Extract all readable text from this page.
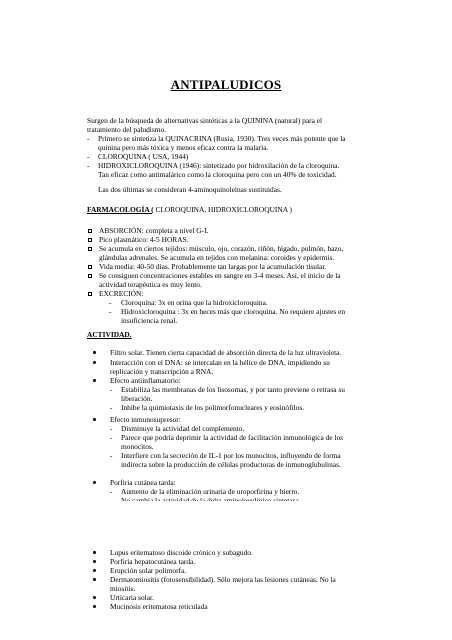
ANTIPALUDICOS
Surgen de la búsqueda de alternativas sintéticas a la QUININA (natural) para el
tratamiento del paludismo.
- Primero se sintetiza la QUINACRINA (Rusia, 1930). Tres veces más potente que la
quinina pero más tóxica y menos eficaz contra la malaria.
- CLOROQUINA ( USA, 1944)
- HIDROXICLOROQUINA (1946): sintetizado por hidroxilación de la cloroquina.
Tan eficaz como antimalárico como la cloroquina pero con un 40% de toxicidad.
Las dos últimas se consideran 4-aminoquinoleinas sustituidas.
FARMACOLOGÍA ( CLOROQUINA, HIDROXICLOROQUINA )
ABSORCIÓN: completa a nivel G-I.
Pico plasmático: 4-5 HORAS.
Se acumula en ciertos tejidos: músculo, ojo, corazón, riñón, hígado, pulmón, bazo,
glándulas adrenales. Se acumula en tejidos con melanina: coroides y epidermis.
Vida media: 40-50 días. Probablemente tan largas por la acumulación tisular.
Se consiguen concentraciones estables en sangre en 3-4 meses. Así, el inicio de la
actividad terapéutica es muy lento.
EXCRECIÓN:
- Cloroquina: 3x en orina que la hidroxicloroquina.
- Hidroxicloroquina : 3x en heces más que cloroquina. No requiere ajustes en
insuficiencia renal.
ACTIVIDAD.
Filtro solar. Tienen cierta capacidad de absorción directa de la luz ultravioleta.
Interacción con el DNA: se intercalan en la hélice de DNA, impidiendo su
replicación y transcripción a RNA.
Efecto antiinflamatorio:
- Estabiliza las membranas de los lisosomas, y por tanto previene o retrasa su
liberación.
- Inhibe la quimiotaxis de los polimorfonucleares y eosinófilos.
Efecto inmunosupresor:
- Disminuye la actividad del complemento.
- Parece que podría deprimir la actividad de facilitación inmunológica de los
monocitos.
- Interfiere con la secreción de IL-1 por los monocitos, influyendo de forma
indirecta sobre la producción de células productoras de inmunoglubulinas.
Porfiria cutánea tarda:
- Aumento de la eliminación urinaria de uroporfirina y hierro.
Lupus eritematoso discoide crónico y subagudo.
Porfiria hepatocutánea tarda.
Erupción solar polimorfa.
Dermatomiositis (fotosensibilidad). Sólo mejora las lesiones cutáneas. No la
miositis.
Urticaria solar.
Mucinosis eritematosa reticulada
